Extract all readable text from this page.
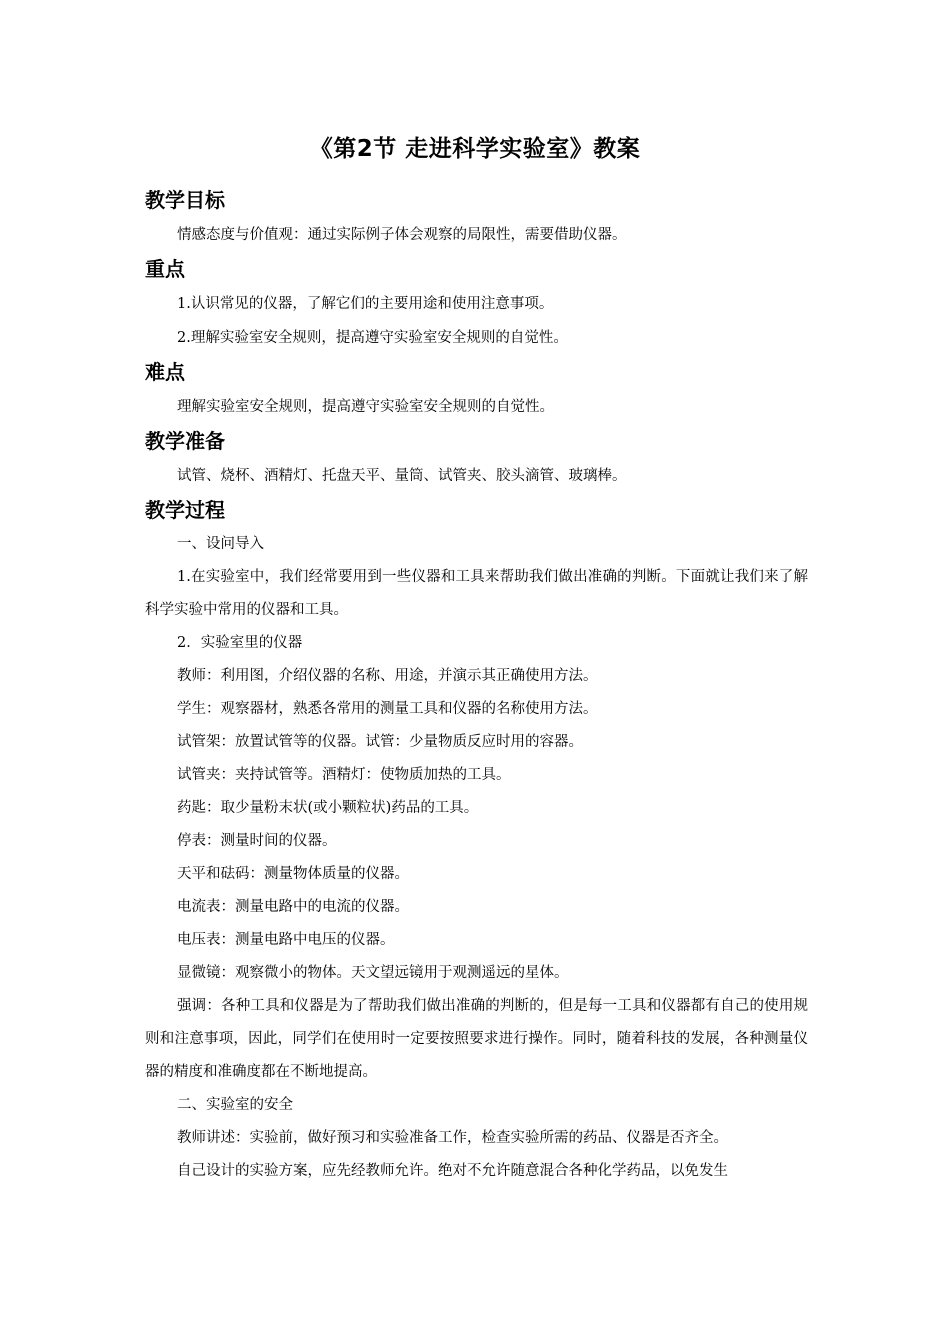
《第2节 走进科学实验室》教案
教学目标

情感态度与价值观：通过实际例子体会观察的局限性，需要借助仪器。

重点

1.认识常见的仪器，了解它们的主要用途和使用注意事项。

2.理解实验室安全规则，提高遵守实验室安全规则的自觉性。

难点

理解实验室安全规则，提高遵守实验室安全规则的自觉性。

教学准备

试管、烧杯、酒精灯、托盘天平、量筒、试管夹、胶头滴管、玻璃棒。

教学过程

一、设问导入

1.在实验室中，我们经常要用到一些仪器和工具来帮助我们做出准确的判断。下面就让我们来了解科学实验中常用的仪器和工具。

2．实验室里的仪器

教师：利用图，介绍仪器的名称、用途，并演示其正确使用方法。

学生：观察器材，熟悉各常用的测量工具和仪器的名称使用方法。

试管架：放置试管等的仪器。试管：少量物质反应时用的容器。

试管夹：夹持试管等。酒精灯：使物质加热的工具。

药匙：取少量粉末状(或小颗粒状)药品的工具。

停表：测量时间的仪器。

天平和砝码：测量物体质量的仪器。

电流表：测量电路中的电流的仪器。

电压表：测量电路中电压的仪器。

显微镜：观察微小的物体。天文望远镜用于观测遥远的星体。

强调：各种工具和仪器是为了帮助我们做出准确的判断的，但是每一工具和仪器都有自己的使用规则和注意事项，因此，同学们在使用时一定要按照要求进行操作。同时，随着科技的发展，各种测量仪器的精度和准确度都在不断地提高。

二、实验室的安全

教师讲述：实验前，做好预习和实验准备工作，检查实验所需的药品、仪器是否齐全。

自己设计的实验方案，应先经教师允许。绝对不允许随意混合各种化学药品，以免发生
